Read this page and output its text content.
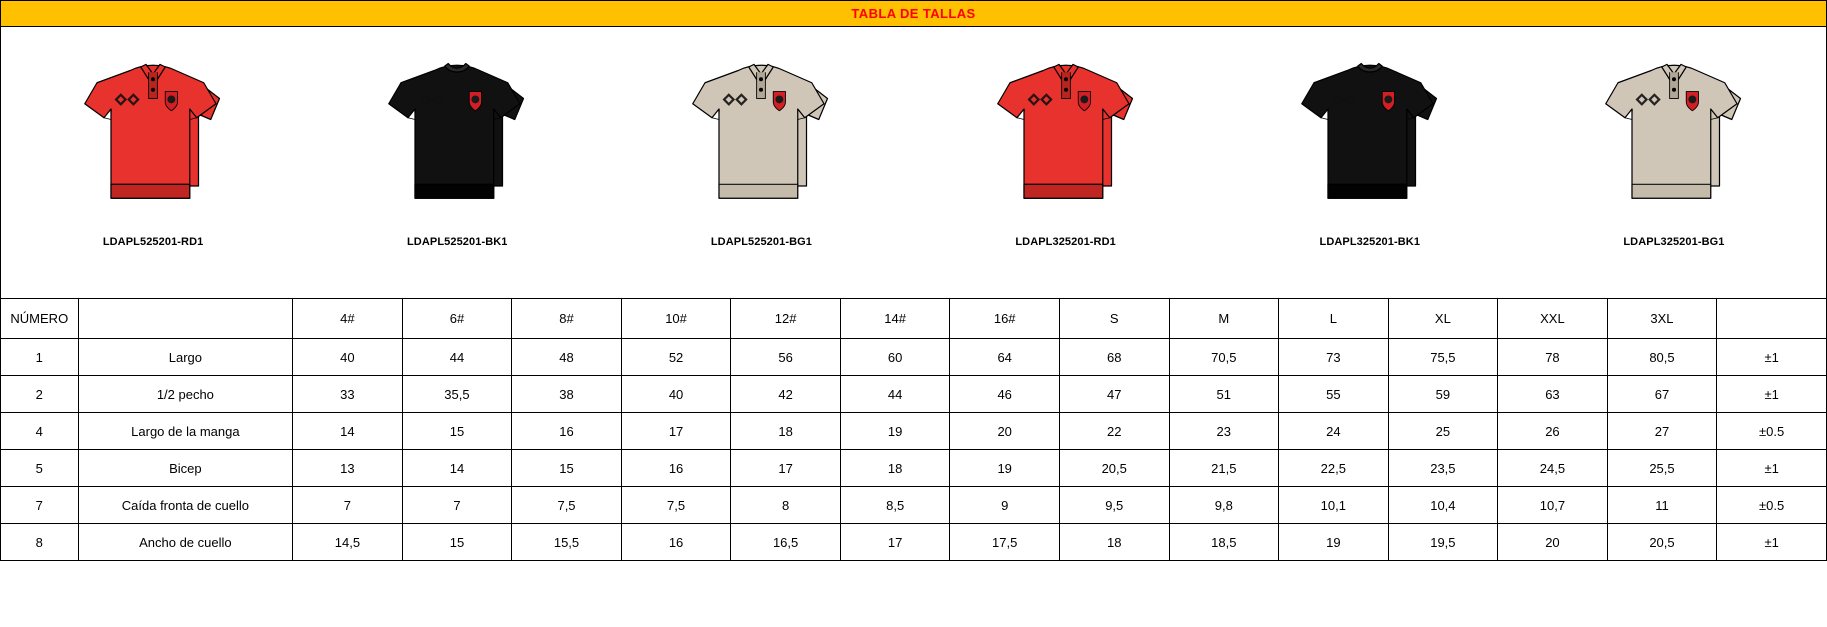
TABLA DE TALLAS
LDAPL525201-RD1	LDAPL525201-BK1	LDAPL525201-BG1	LDAPL325201-RD1	LDAPL325201-BK1	LDAPL325201-BG1
NÚMERO		4#	6#	8#	10#	12#	14#	16#	S	M	L	XL	XXL	3XL	
1	Largo	40	44	48	52	56	60	64	68	70,5	73	75,5	78	80,5	±1
2	1/2 pecho	33	35,5	38	40	42	44	46	47	51	55	59	63	67	±1
4	Largo de la manga	14	15	16	17	18	19	20	22	23	24	25	26	27	±0.5
5	Bicep	13	14	15	16	17	18	19	20,5	21,5	22,5	23,5	24,5	25,5	±1
7	Caída fronta de cuello	7	7	7,5	7,5	8	8,5	9	9,5	9,8	10,1	10,4	10,7	11	±0.5
8	Ancho de cuello	14,5	15	15,5	16	16,5	17	17,5	18	18,5	19	19,5	20	20,5	±1
